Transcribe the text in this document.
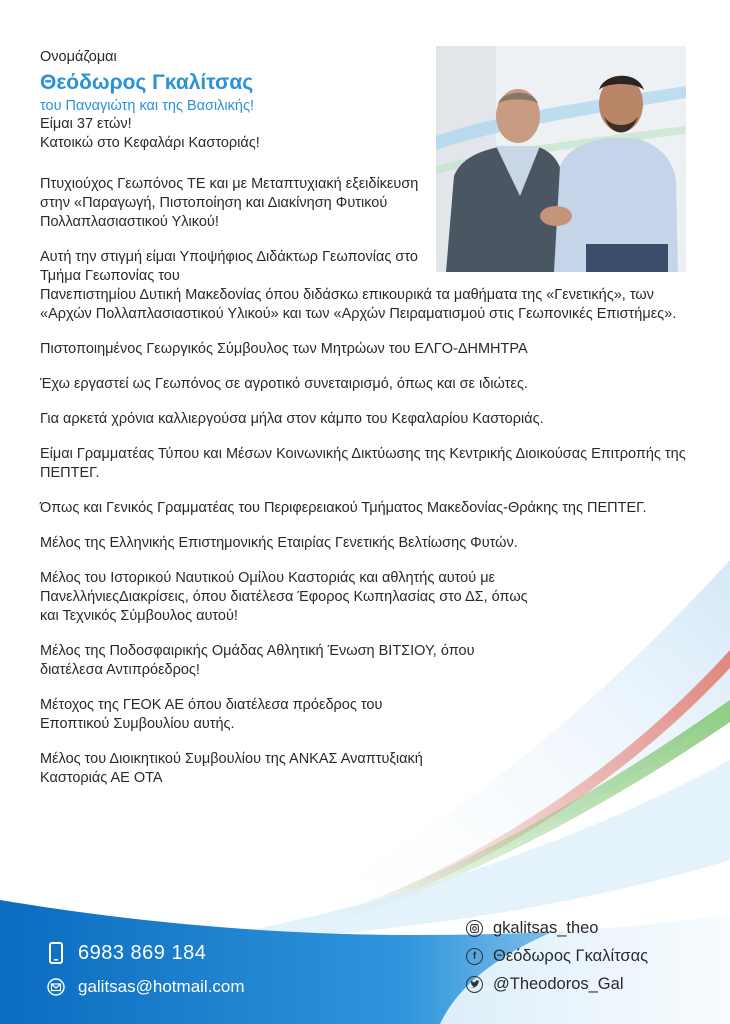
Ονομάζομαι

Θεόδωρος Γκαλίτσας

του Παναγιώτη και της Βασιλικής!

Είμαι 37 ετών!

Κατοικώ στο Κεφαλάρι Καστοριάς!

Πτυχιούχος Γεωπόνος ΤΕ και με Μεταπτυχιακή εξειδίκευση στην «Παραγωγή, Πιστοποίηση και Διακίνηση Φυτικού Πολλαπλασιαστικού Υλικού!

Αυτή την στιγμή είμαι Υποψήφιος Διδάκτωρ Γεωπονίας στο Τμήμα Γεωπονίας του

Πανεπιστημίου Δυτική Μακεδονίας όπου διδάσκω επικουρικά τα μαθήματα της «Γενετικής», των «Αρχών Πολλαπλασιαστικού Υλικού» και των «Αρχών Πειραματισμού στις Γεωπονικές Επιστήμες».

Πιστοποιημένος Γεωργικός Σύμβουλος των Μητρώων του ΕΛΓΟ-ΔΗΜΗΤΡΑ

Έχω εργαστεί ως Γεωπόνος σε αγροτικό συνεταιρισμό, όπως και σε ιδιώτες.

Για αρκετά χρόνια καλλιεργούσα μήλα στον κάμπο του Κεφαλαρίου Καστοριάς.

Είμαι Γραμματέας Τύπου και Μέσων Κοινωνικής Δικτύωσης της Κεντρικής Διοικούσας Επιτροπής της ΠΕΠΤΕΓ.

Όπως και Γενικός Γραμματέας του Περιφερειακού Τμήματος Μακεδονίας-Θράκης της ΠΕΠΤΕΓ.

Μέλος της Ελληνικής Επιστημονικής Εταιρίας Γενετικής Βελτίωσης Φυτών.

Μέλος του Ιστορικού Ναυτικού Ομίλου Καστοριάς και αθλητής αυτού με ΠανελλήνιεςΔιακρίσεις, όπου διατέλεσα Έφορος Κωπηλασίας στο ΔΣ, όπως και Τεχνικός Σύμβουλος αυτού!

Μέλος της Ποδοσφαιρικής Ομάδας Αθλητική Ένωση ΒΙΤΣΙΟΥ, όπου διατέλεσα Αντιπρόεδρος!

Μέτοχος της ΓΕΟΚ ΑΕ όπου διατέλεσα πρόεδρος του Εποπτικού Συμβουλίου αυτής.

Μέλος του Διοικητικού Συμβουλίου της ΑΝΚΑΣ Αναπτυξιακή Καστοριάς ΑΕ ΟΤΑ

6983 869 184
galitsas@hotmail.com
gkalitsas_theo
f	Θεόδωρος Γκαλίτσας
@Theodoros_Gal
